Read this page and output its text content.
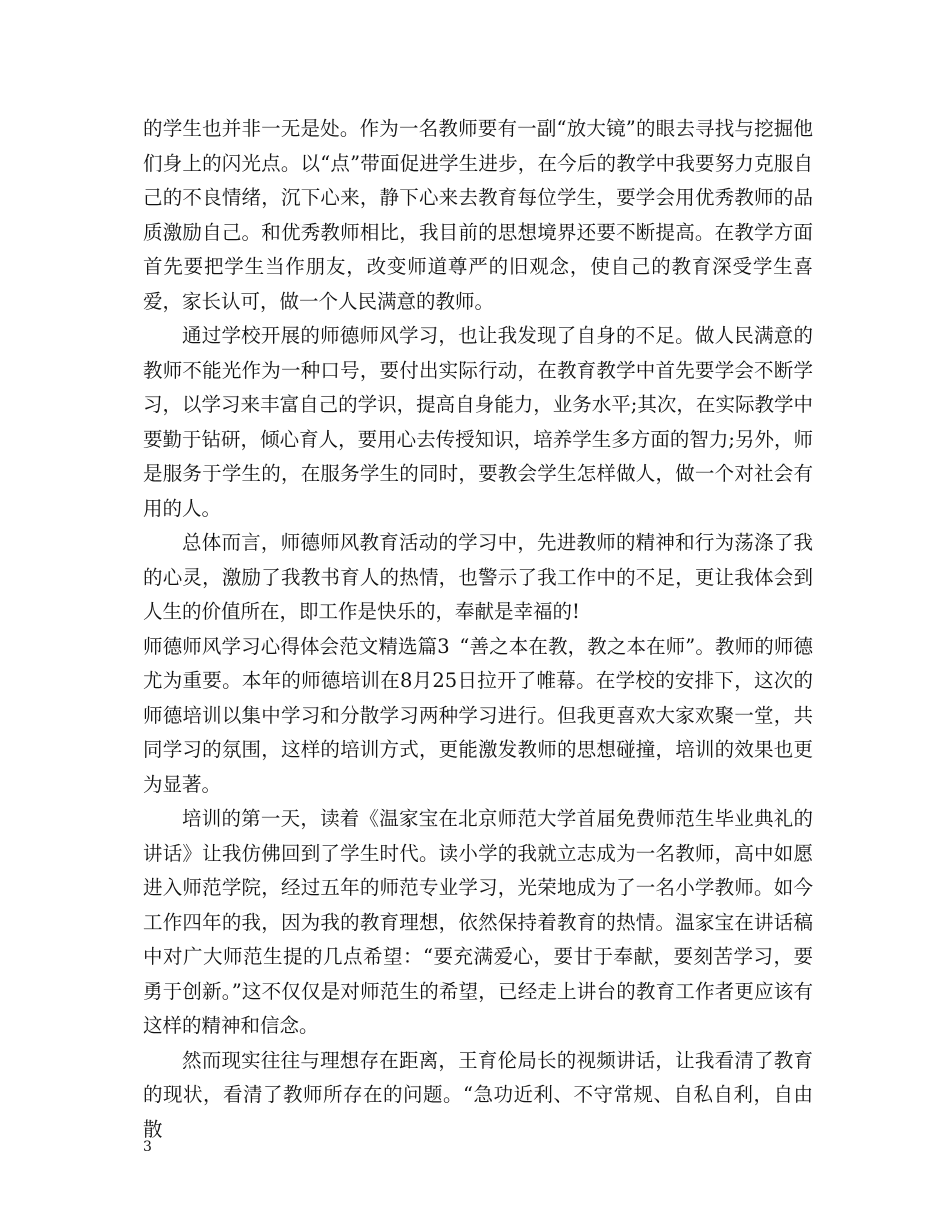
的学生也并非一无是处。作为一名教师要有一副“放大镜”的眼去寻找与挖掘他们身上的闪光点。以“点”带面促进学生进步，在今后的教学中我要努力克服自己的不良情绪，沉下心来，静下心来去教育每位学生，要学会用优秀教师的品质激励自己。和优秀教师相比，我目前的思想境界还要不断提高。在教学方面首先要把学生当作朋友，改变师道尊严的旧观念，使自己的教育深受学生喜爱，家长认可，做一个人民满意的教师。

通过学校开展的师德师风学习，也让我发现了自身的不足。做人民满意的教师不能光作为一种口号，要付出实际行动，在教育教学中首先要学会不断学习，以学习来丰富自己的学识，提高自身能力，业务水平;其次，在实际教学中要勤于钻研，倾心育人，要用心去传授知识，培养学生多方面的智力;另外，师是服务于学生的，在服务学生的同时，要教会学生怎样做人，做一个对社会有用的人。

总体而言，师德师风教育活动的学习中，先进教师的精神和行为荡涤了我的心灵，激励了我教书育人的热情，也警示了我工作中的不足，更让我体会到人生的价值所在，即工作是快乐的，奉献是幸福的!

师德师风学习心得体会范文精选篇3 “善之本在教，教之本在师”。教师的师德尤为重要。本年的师德培训在8月25日拉开了帷幕。在学校的安排下，这次的师德培训以集中学习和分散学习两种学习进行。但我更喜欢大家欢聚一堂，共同学习的氛围，这样的培训方式，更能激发教师的思想碰撞，培训的效果也更为显著。

培训的第一天，读着《温家宝在北京师范大学首届免费师范生毕业典礼的讲话》让我仿佛回到了学生时代。读小学的我就立志成为一名教师，高中如愿进入师范学院，经过五年的师范专业学习，光荣地成为了一名小学教师。如今工作四年的我，因为我的教育理想，依然保持着教育的热情。温家宝在讲话稿中对广大师范生提的几点希望：“要充满爱心，要甘于奉献，要刻苦学习，要勇于创新。”这不仅仅是对师范生的希望，已经走上讲台的教育工作者更应该有这样的精神和信念。

然而现实往往与理想存在距离，王育伦局长的视频讲话，让我看清了教育的现状，看清了教师所存在的问题。“急功近利、不守常规、自私自利，自由散

3
